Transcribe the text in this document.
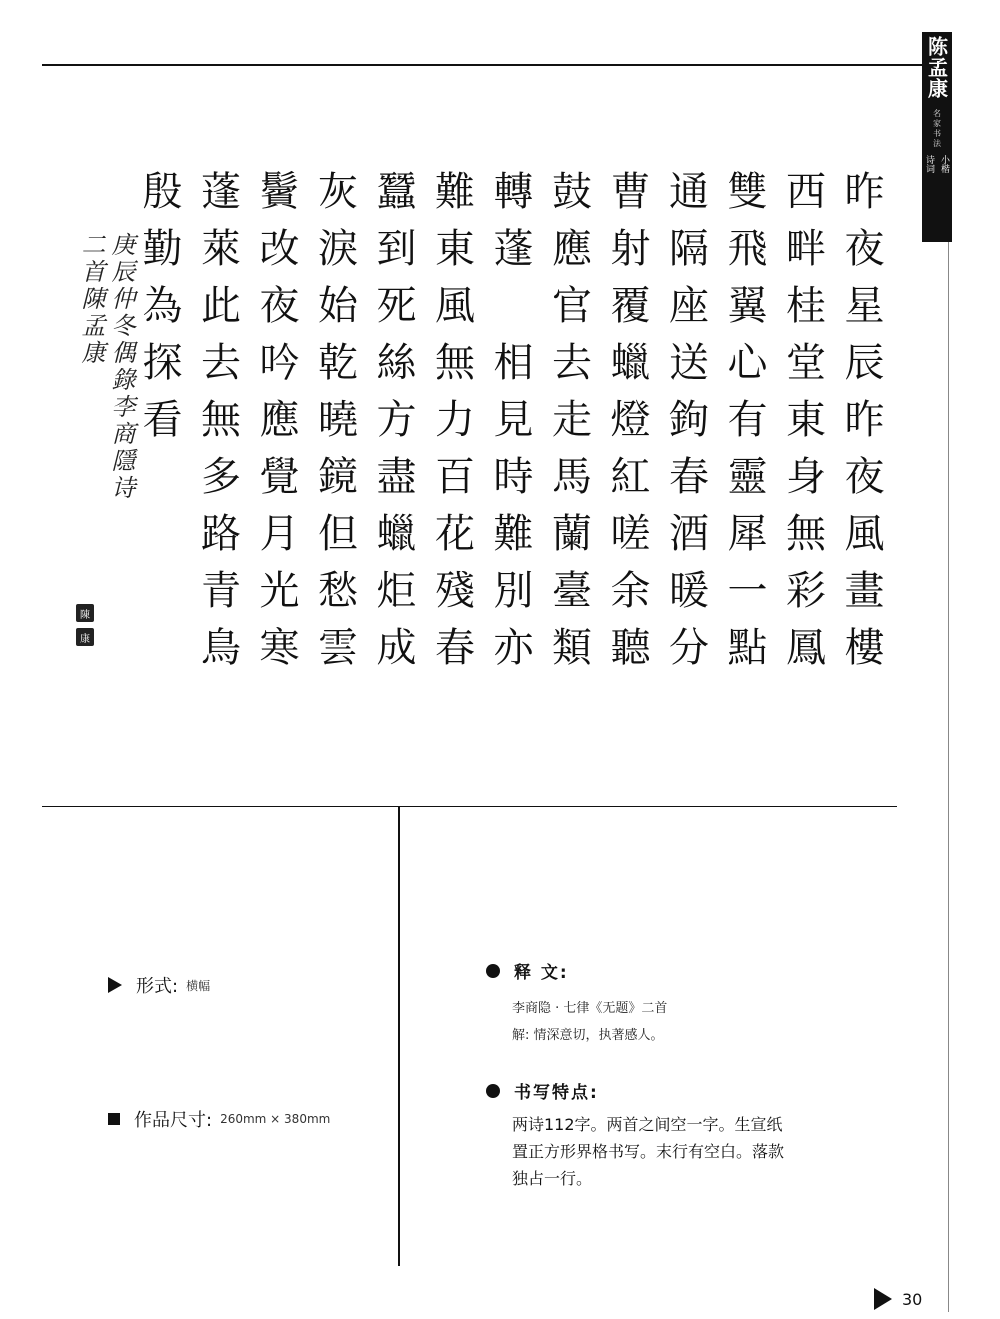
陈孟康
名家书法
小楷
诗词
昨夜星辰昨夜風畫樓
西畔桂堂東身無彩鳳
雙飛翼心有靈犀一點
通隔座送鉤春酒暖分
曹射覆蠟燈紅嗟余聽
鼓應官去走馬蘭臺類
轉蓬　相見時難別亦
難東風無力百花殘春
蠶到死絲方盡蠟炬成
灰淚始乾曉鏡但愁雲
鬢改夜吟應覺月光寒
蓬萊此去無多路青鳥
殷勤為探看
庚辰仲冬偶錄李商隱诗
二首陳孟康
陳
康
形式: 横幅
作品尺寸: 260mm × 380mm
释 文:
李商隐 · 七律《无题》二首
解: 情深意切，执著感人。
书写特点:
两诗112字。两首之间空一字。生宣纸
置正方形界格书写。末行有空白。落款
独占一行。
30
